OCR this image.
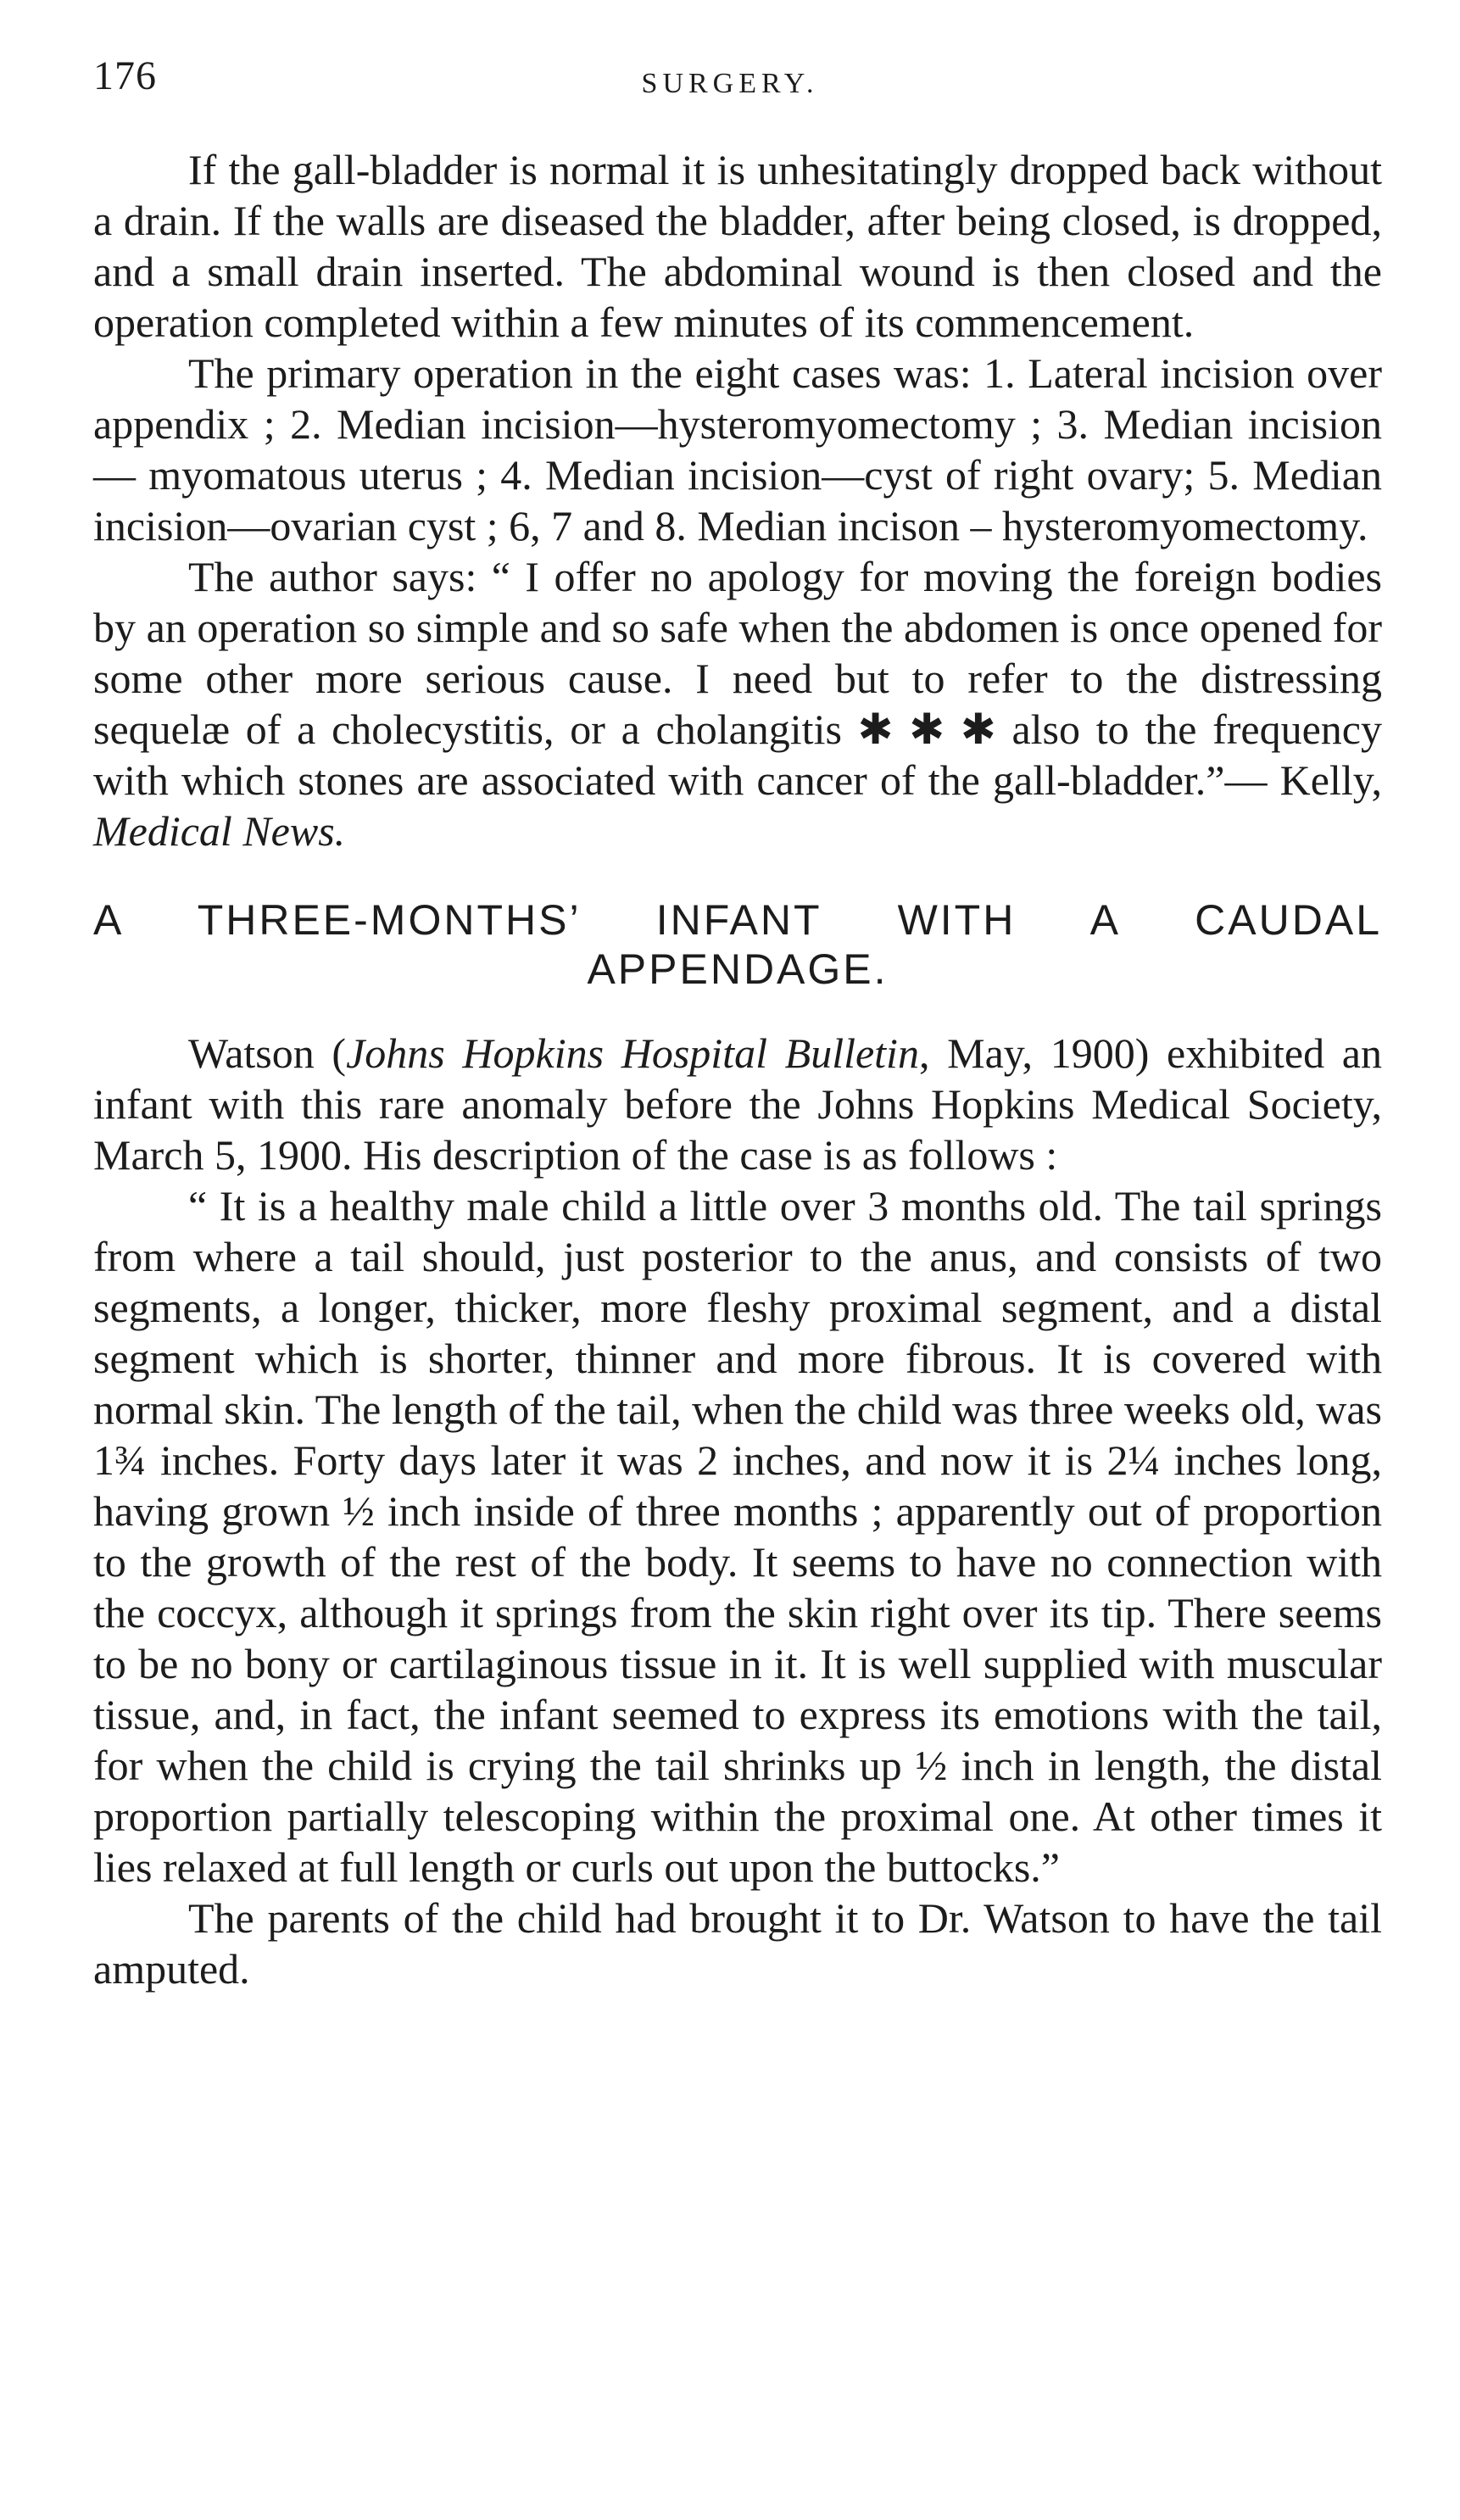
176	SURGERY.

If the gall-bladder is normal it is unhesitatingly dropped back without a drain. If the walls are diseased the bladder, after being closed, is dropped, and a small drain inserted. The abdominal wound is then closed and the operation completed within a few minutes of its commencement.

The primary operation in the eight cases was: 1. Lateral incision over appendix ; 2. Median incision—hysteromyomectomy ; 3. Median incision — myomatous uterus ; 4. Median incision—cyst of right ovary; 5. Median incision—ovarian cyst ; 6, 7 and 8. Median incison – hysteromyomectomy.

The author says: “ I offer no apology for moving the foreign bodies by an operation so simple and so safe when the abdomen is once opened for some other more serious cause. I need but to refer to the distressing sequelæ of a cholecystitis, or a cholangitis ✱ ✱ ✱ also to the frequency with which stones are associated with cancer of the gall-bladder.”— Kelly, Medical News.

A THREE-MONTHS’ INFANT WITH A CAUDAL
APPENDAGE.

Watson (Johns Hopkins Hospital Bulletin, May, 1900) exhibited an infant with this rare anomaly before the Johns Hopkins Medical Society, March 5, 1900. His description of the case is as follows :

“ It is a healthy male child a little over 3 months old. The tail springs from where a tail should, just posterior to the anus, and consists of two segments, a longer, thicker, more fleshy proximal segment, and a distal segment which is shorter, thinner and more fibrous. It is covered with normal skin. The length of the tail, when the child was three weeks old, was 1¾ inches. Forty days later it was 2 inches, and now it is 2¼ inches long, having grown ½ inch inside of three months ; apparently out of proportion to the growth of the rest of the body. It seems to have no connection with the coccyx, although it springs from the skin right over its tip. There seems to be no bony or cartilaginous tissue in it. It is well supplied with muscular tissue, and, in fact, the infant seemed to express its emotions with the tail, for when the child is crying the tail shrinks up ½ inch in length, the distal proportion partially telescoping within the proximal one. At other times it lies relaxed at full length or curls out upon the buttocks.”

The parents of the child had brought it to Dr. Watson to have the tail amputed.
